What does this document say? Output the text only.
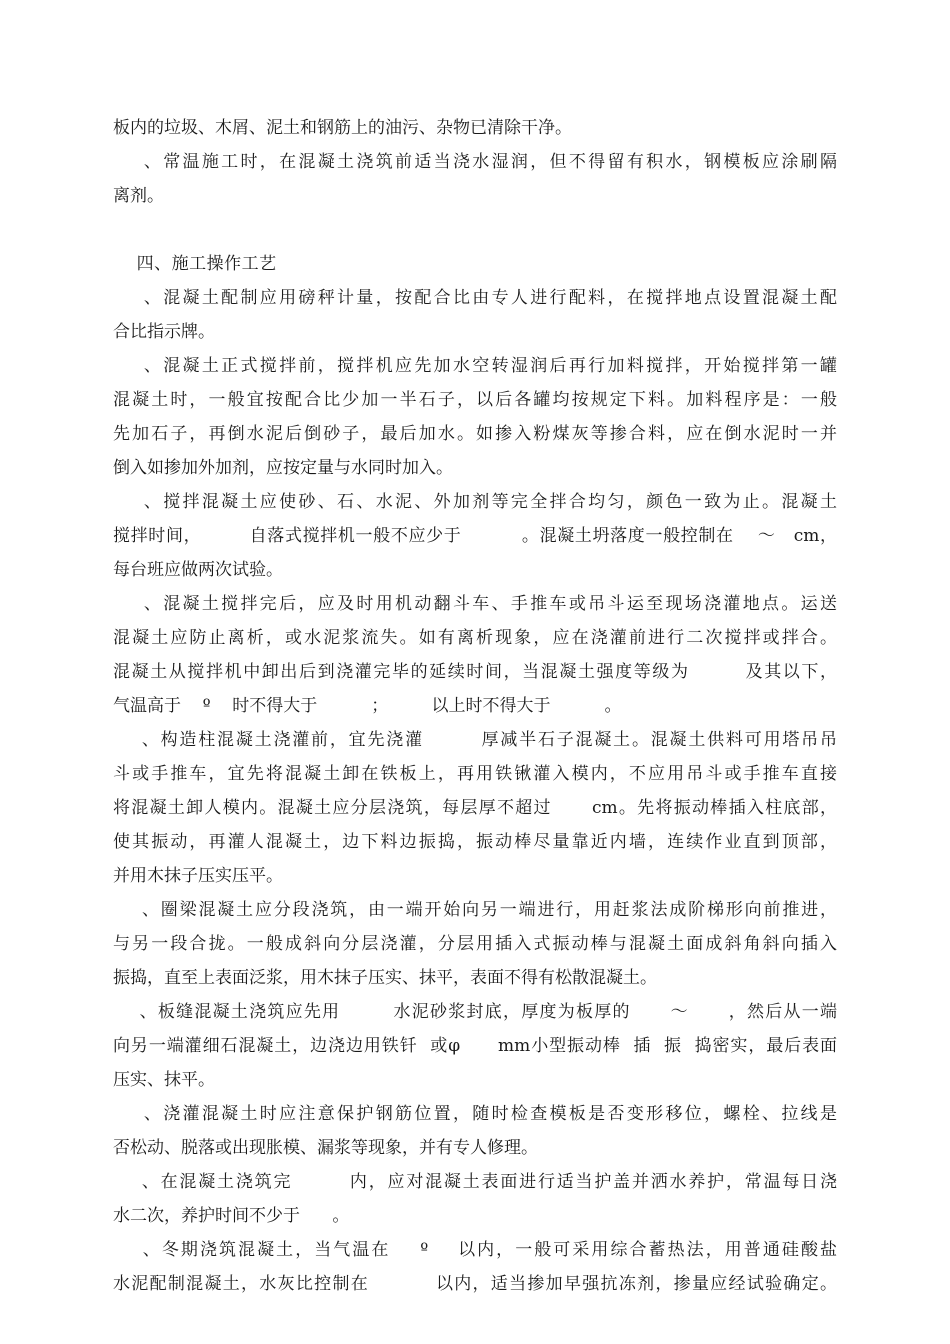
板内的垃圾、木屑、泥土和钢筋上的油污、杂物已清除干净。
、常温施工时，在混凝土浇筑前适当浇水湿润，但不得留有积水，钢模板应涂刷隔
离剂。
四、施工操作工艺
、混凝土配制应用磅秤计量，按配合比由专人进行配料，在搅拌地点设置混凝土配
合比指示牌。
、混凝土正式搅拌前，搅拌机应先加水空转湿润后再行加料搅拌，开始搅拌第一罐
混凝土时，一般宜按配合比少加一半石子，以后各罐均按规定下料。加料程序是：一般
先加石子，再倒水泥后倒砂子，最后加水。如掺入粉煤灰等掺合料，应在倒水泥时一并
倒入如掺加外加剂，应按定量与水同时加入。
、搅拌混凝土应使砂、石、水泥、外加剂等完全拌合均匀，颜色一致为止。混凝土
搅拌时间，        自落式搅拌机一般不应少于          。混凝土坍落度一般控制在    ～   cm，
每台班应做两次试验。
、混凝土搅拌完后，应及时用机动翻斗车、手推车或吊斗运至现场浇灌地点。运送
混凝土应防止离析，或水泥浆流失。如有离析现象，应在浇灌前进行二次搅拌或拌合。
混凝土从搅拌机中卸出后到浇灌完毕的延续时间，当混凝土强度等级为        及其以下，
气温高于    º    时不得大于          ；        以上时不得大于          。
、构造柱混凝土浇灌前，宜先浇灌        厚减半石子混凝土。混凝土供料可用塔吊吊
斗或手推车，宜先将混凝土卸在铁板上，再用铁锹灌入模内，不应用吊斗或手推车直接
将混凝土卸人模内。混凝土应分层浇筑，每层厚不超过      cm。先将振动棒插入柱底部，
使其振动，再灌人混凝土，边下料边振捣，振动棒尽量靠近内墙，连续作业直到顶部，
并用木抹子压实压平。
、圈梁混凝土应分段浇筑，由一端开始向另一端进行，用赶浆法成阶梯形向前推进，
与另一段合拢。一般成斜向分层浇灌，分层用插入式振动棒与混凝土面成斜角斜向插入
振捣，直至上表面泛浆，用木抹子压实、抹平，表面不得有松散混凝土。
、板缝混凝土浇筑应先用        水泥砂浆封底，厚度为板厚的      ～      ，然后从一端
向另一端灌细石混凝土，边浇边用铁钎  或φ      mm小型振动棒  插  振  捣密实，最后表面
压实、抹平。
、浇灌混凝土时应注意保护钢筋位置，随时检查模板是否变形移位，螺栓、拉线是
否松动、脱落或出现胀模、漏浆等现象，并有专人修理。
、在混凝土浇筑完        内，应对混凝土表面进行适当护盖并洒水养护，常温每日浇
水二次，养护时间不少于      。
、冬期浇筑混凝土，当气温在    º    以内，一般可采用综合蓄热法，用普通硅酸盐
水泥配制混凝土，水灰比控制在          以内，适当掺加早强抗冻剂，掺量应经试验确定。
